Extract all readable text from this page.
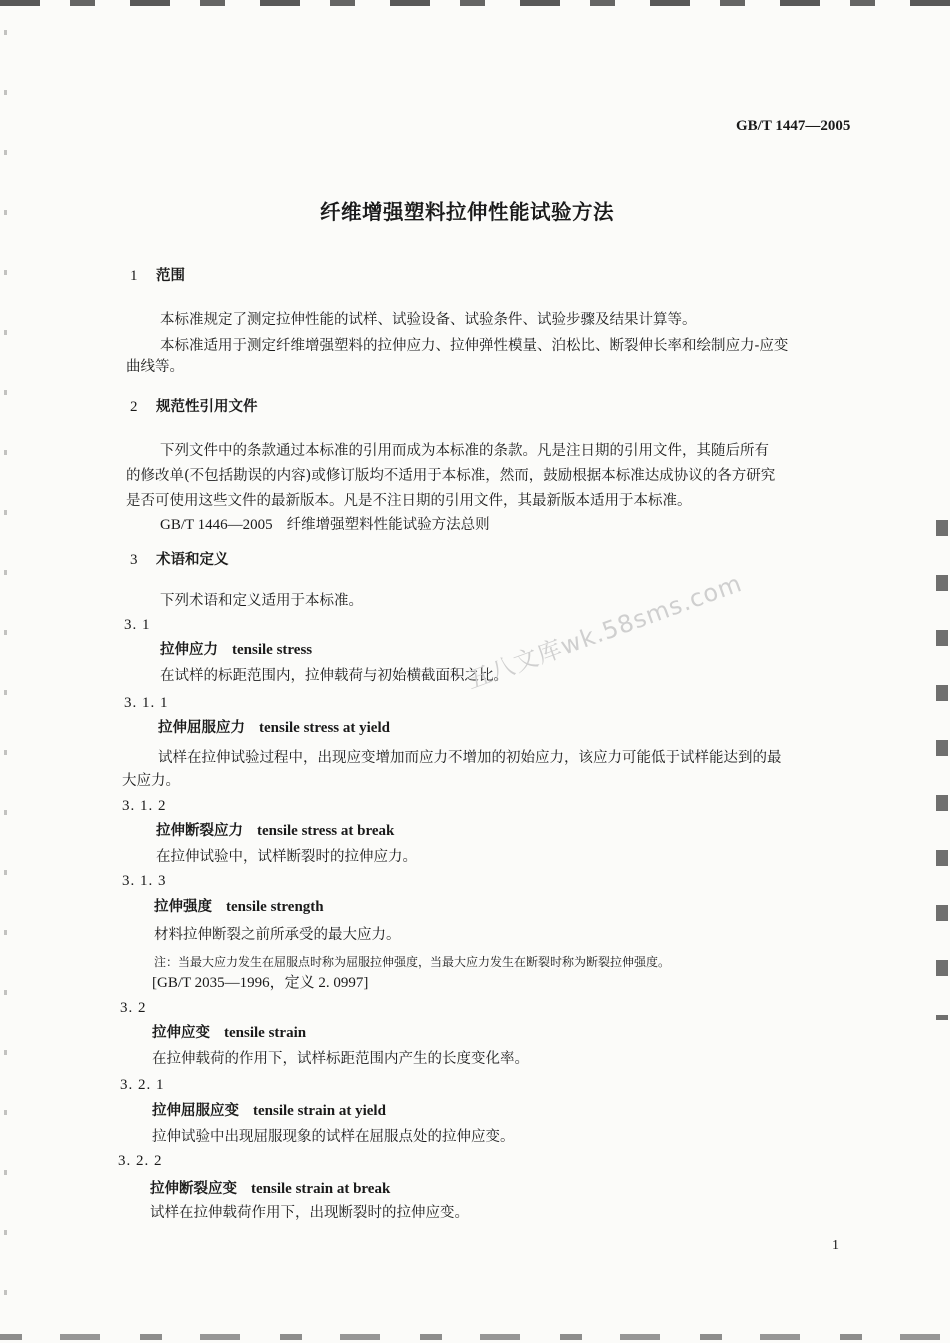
GB/T 1447—2005
纤维增强塑料拉伸性能试验方法
1 范围
本标准规定了测定拉伸性能的试样、试验设备、试验条件、试验步骤及结果计算等。
本标准适用于测定纤维增强塑料的拉伸应力、拉伸弹性模量、泊松比、断裂伸长率和绘制应力-应变
曲线等。
2 规范性引用文件
下列文件中的条款通过本标准的引用而成为本标准的条款。凡是注日期的引用文件，其随后所有
的修改单(不包括勘误的内容)或修订版均不适用于本标准，然而，鼓励根据本标准达成协议的各方研究
是否可使用这些文件的最新版本。凡是不注日期的引用文件，其最新版本适用于本标准。
GB/T 1446—2005 纤维增强塑料性能试验方法总则
3 术语和定义
下列术语和定义适用于本标准。
3. 1
拉伸应力 tensile stress
在试样的标距范围内，拉伸载荷与初始横截面积之比。
3. 1. 1
拉伸屈服应力 tensile stress at yield
试样在拉伸试验过程中，出现应变增加而应力不增加的初始应力，该应力可能低于试样能达到的最
大应力。
3. 1. 2
拉伸断裂应力 tensile stress at break
在拉伸试验中，试样断裂时的拉伸应力。
3. 1. 3
拉伸强度 tensile strength
材料拉伸断裂之前所承受的最大应力。
注：当最大应力发生在屈服点时称为屈服拉伸强度，当最大应力发生在断裂时称为断裂拉伸强度。
[GB/T 2035—1996，定义 2. 0997]
3. 2
拉伸应变 tensile strain
在拉伸载荷的作用下，试样标距范围内产生的长度变化率。
3. 2. 1
拉伸屈服应变 tensile strain at yield
拉伸试验中出现屈服现象的试样在屈服点处的拉伸应变。
3. 2. 2
拉伸断裂应变 tensile strain at break
试样在拉伸载荷作用下，出现断裂时的拉伸应变。
五八文库wk.58sms.com
1
